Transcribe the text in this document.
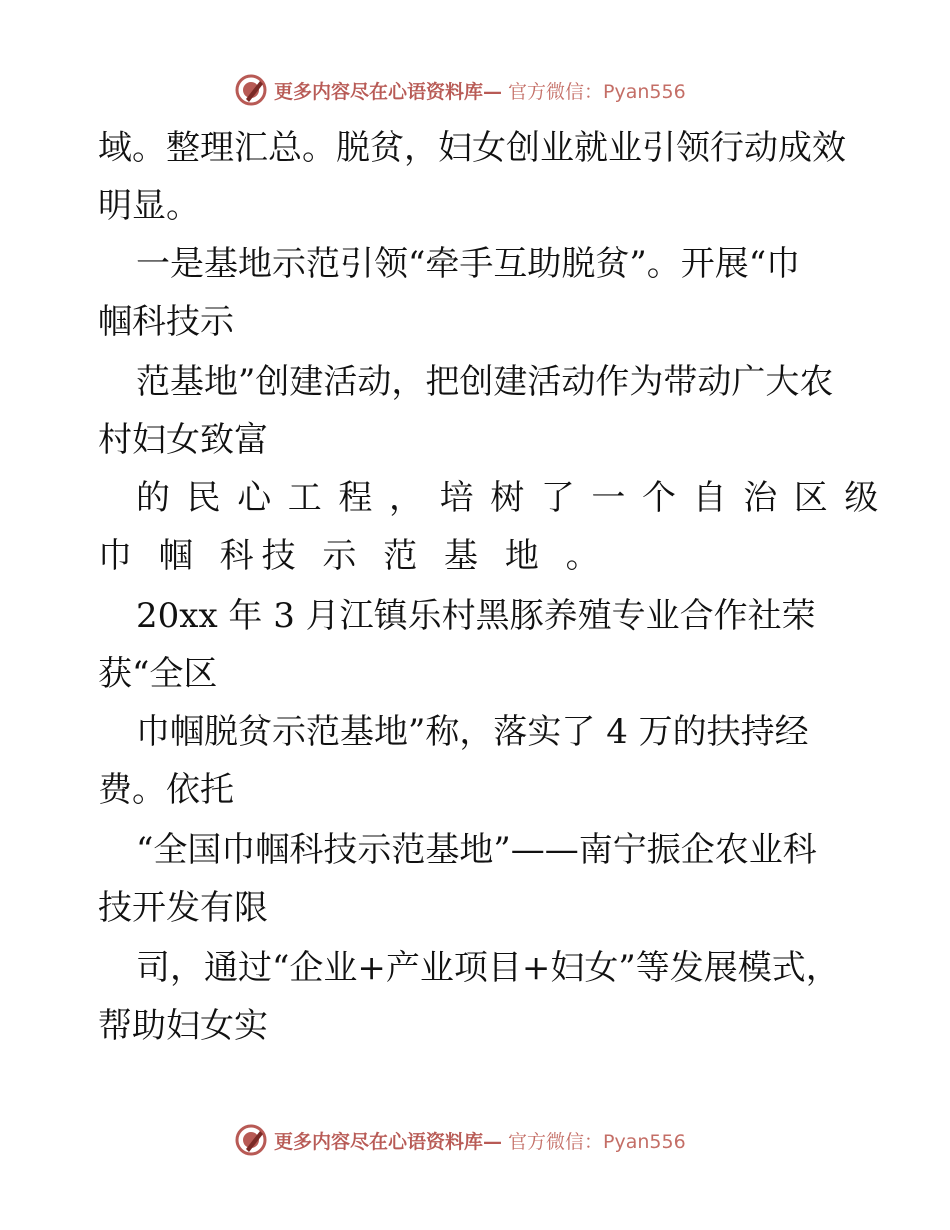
更多内容尽在心语资料库— 官方微信：Pyan556
域。整理汇总。脱贫，妇女创业就业引领行动成效
明显。
一是基地示范引领“牵手互助脱贫”。开展“巾
帼科技示
范基地”创建活动，把创建活动作为带动广大农
村妇女致富
的民心工程，培树了一个自治区级
巾 帼 科技 示 范 基 地 。
20xx 年 3 月江镇乐村黑豚养殖专业合作社荣
获“全区
巾帼脱贫示范基地”称，落实了 4 万的扶持经
费。依托
“全国巾帼科技示范基地”——南宁振企农业科
技开发有限
司，通过“企业+产业项目+妇女”等发展模式，
帮助妇女实
更多内容尽在心语资料库— 官方微信：Pyan556
